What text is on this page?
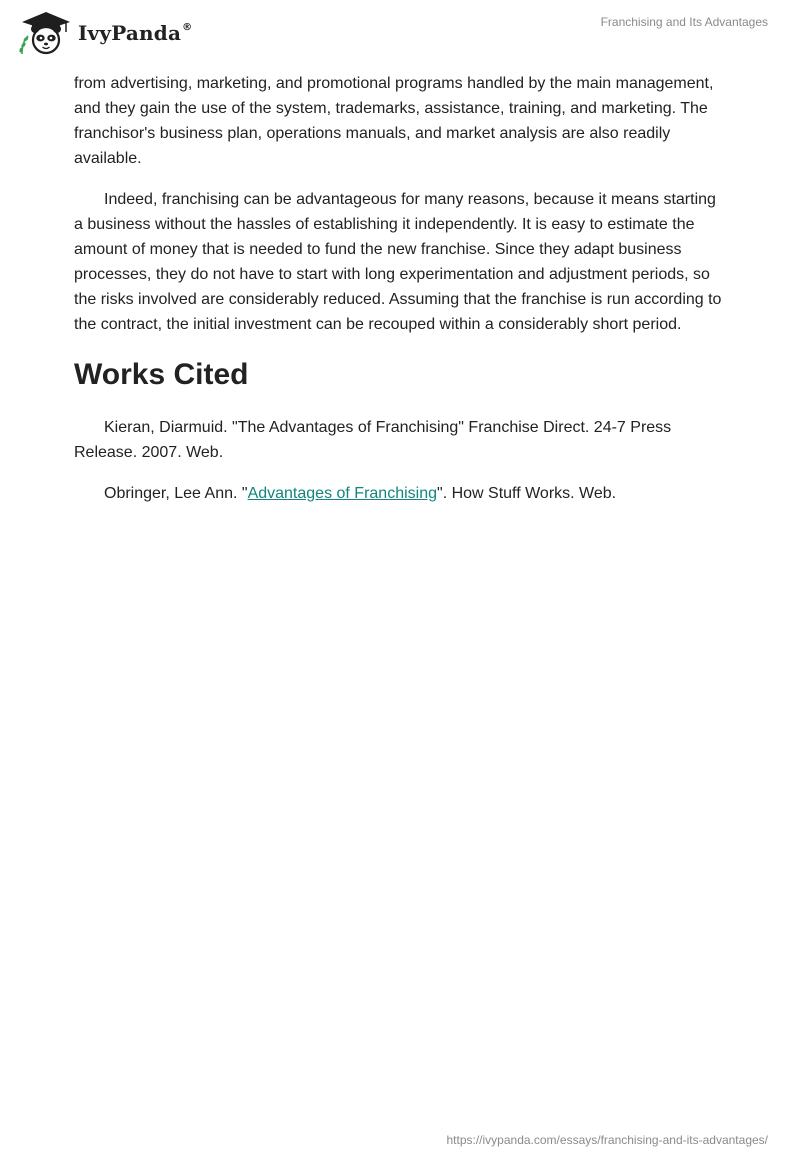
IvyPanda®	Franchising and Its Advantages

from advertising, marketing, and promotional programs handled by the main management, and they gain the use of the system, trademarks, assistance, training, and marketing. The franchisor's business plan, operations manuals, and market analysis are also readily available.

Indeed, franchising can be advantageous for many reasons, because it means starting a business without the hassles of establishing it independently. It is easy to estimate the amount of money that is needed to fund the new franchise. Since they adapt business processes, they do not have to start with long experimentation and adjustment periods, so the risks involved are considerably reduced. Assuming that the franchise is run according to the contract, the initial investment can be recouped within a considerably short period.

Works Cited

Kieran, Diarmuid. "The Advantages of Franchising" Franchise Direct. 24-7 Press Release. 2007. Web.

Obringer, Lee Ann. "Advantages of Franchising". How Stuff Works. Web.

https://ivypanda.com/essays/franchising-and-its-advantages/
